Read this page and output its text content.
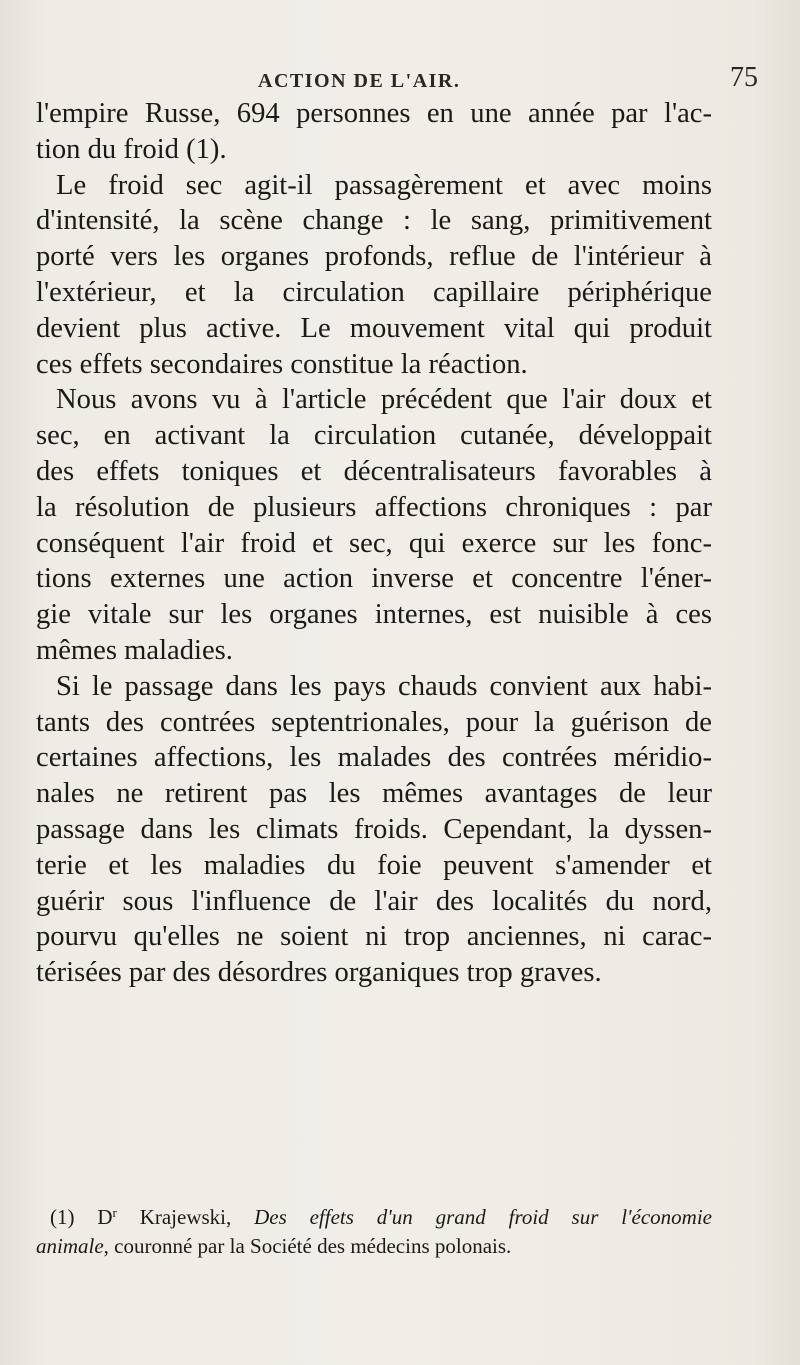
ACTION DE L'AIR.	75
l'empire Russe, 694 personnes en une année par l'ac-
tion du froid (1).
Le froid sec agit-il passagèrement et avec moins
d'intensité, la scène change : le sang, primitivement
porté vers les organes profonds, reflue de l'intérieur à
l'extérieur, et la circulation capillaire périphérique
devient plus active. Le mouvement vital qui produit
ces effets secondaires constitue la réaction.
Nous avons vu à l'article précédent que l'air doux et
sec, en activant la circulation cutanée, développait
des effets toniques et décentralisateurs favorables à
la résolution de plusieurs affections chroniques : par
conséquent l'air froid et sec, qui exerce sur les fonc-
tions externes une action inverse et concentre l'éner-
gie vitale sur les organes internes, est nuisible à ces
mêmes maladies.
Si le passage dans les pays chauds convient aux habi-
tants des contrées septentrionales, pour la guérison de
certaines affections, les malades des contrées méridio-
nales ne retirent pas les mêmes avantages de leur
passage dans les climats froids. Cependant, la dyssen-
terie et les maladies du foie peuvent s'amender et
guérir sous l'influence de l'air des localités du nord,
pourvu qu'elles ne soient ni trop anciennes, ni carac-
térisées par des désordres organiques trop graves.
(1) $D^r$ Krajewski, Des effets d'un grand froid sur l'économie
animale, couronné par la Société des médecins polonais.
